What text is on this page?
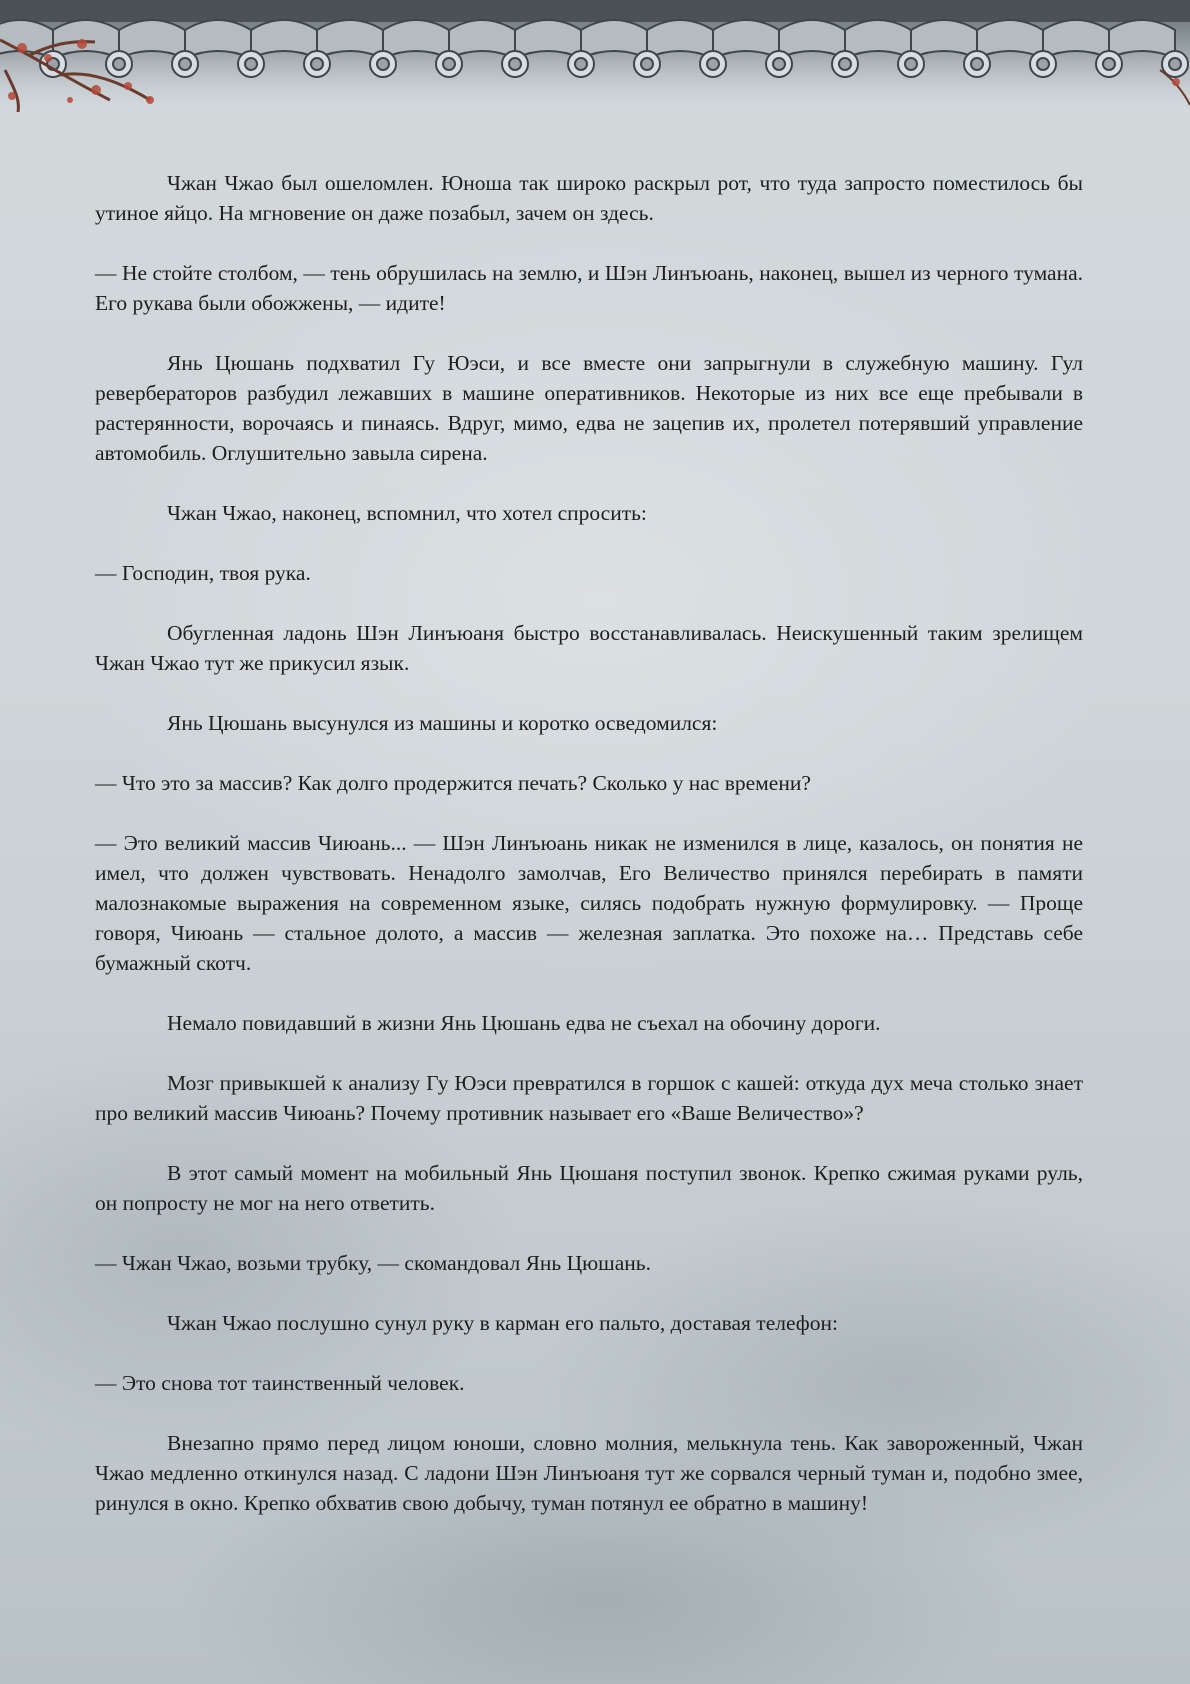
Чжан Чжао был ошеломлен. Юноша так широко раскрыл рот, что туда запросто поместилось бы утиное яйцо. На мгновение он даже позабыл, зачем он здесь.

— Не стойте столбом, — тень обрушилась на землю, и Шэн Линъюань, наконец, вышел из черного тумана. Его рукава были обожжены, — идите!

Янь Цюшань подхватил Гу Юэси, и все вместе они запрыгнули в служебную машину. Гул ревербераторов разбудил лежавших в машине оперативников. Некоторые из них все еще пребывали в растерянности, ворочаясь и пинаясь. Вдруг, мимо, едва не зацепив их, пролетел потерявший управление автомобиль. Оглушительно завыла сирена.

Чжан Чжао, наконец, вспомнил, что хотел спросить:

— Господин, твоя рука.

Обугленная ладонь Шэн Линъюаня быстро восстанавливалась. Неискушенный таким зрелищем Чжан Чжао тут же прикусил язык.

Янь Цюшань высунулся из машины и коротко осведомился:

— Что это за массив? Как долго продержится печать? Сколько у нас времени?

— Это великий массив Чиюань... — Шэн Линъюань никак не изменился в лице, казалось, он понятия не имел, что должен чувствовать. Ненадолго замолчав, Его Величество принялся перебирать в памяти малознакомые выражения на современном языке, силясь подобрать нужную формулировку. — Проще говоря, Чиюань — стальное долото, а массив — железная заплатка. Это похоже на… Представь себе бумажный скотч.

Немало повидавший в жизни Янь Цюшань едва не съехал на обочину дороги.

Мозг привыкшей к анализу Гу Юэси превратился в горшок с кашей: откуда дух меча столько знает про великий массив Чиюань? Почему противник называет его «Ваше Величество»?

В этот самый момент на мобильный Янь Цюшаня поступил звонок. Крепко сжимая руками руль, он попросту не мог на него ответить.

— Чжан Чжао, возьми трубку, — скомандовал Янь Цюшань.

Чжан Чжао послушно сунул руку в карман его пальто, доставая телефон:

— Это снова тот таинственный человек.

Внезапно прямо перед лицом юноши, словно молния, мелькнула тень. Как завороженный, Чжан Чжао медленно откинулся назад. С ладони Шэн Линъюаня тут же сорвался черный туман и, подобно змее, ринулся в окно. Крепко обхватив свою добычу, туман потянул ее обратно в машину!
